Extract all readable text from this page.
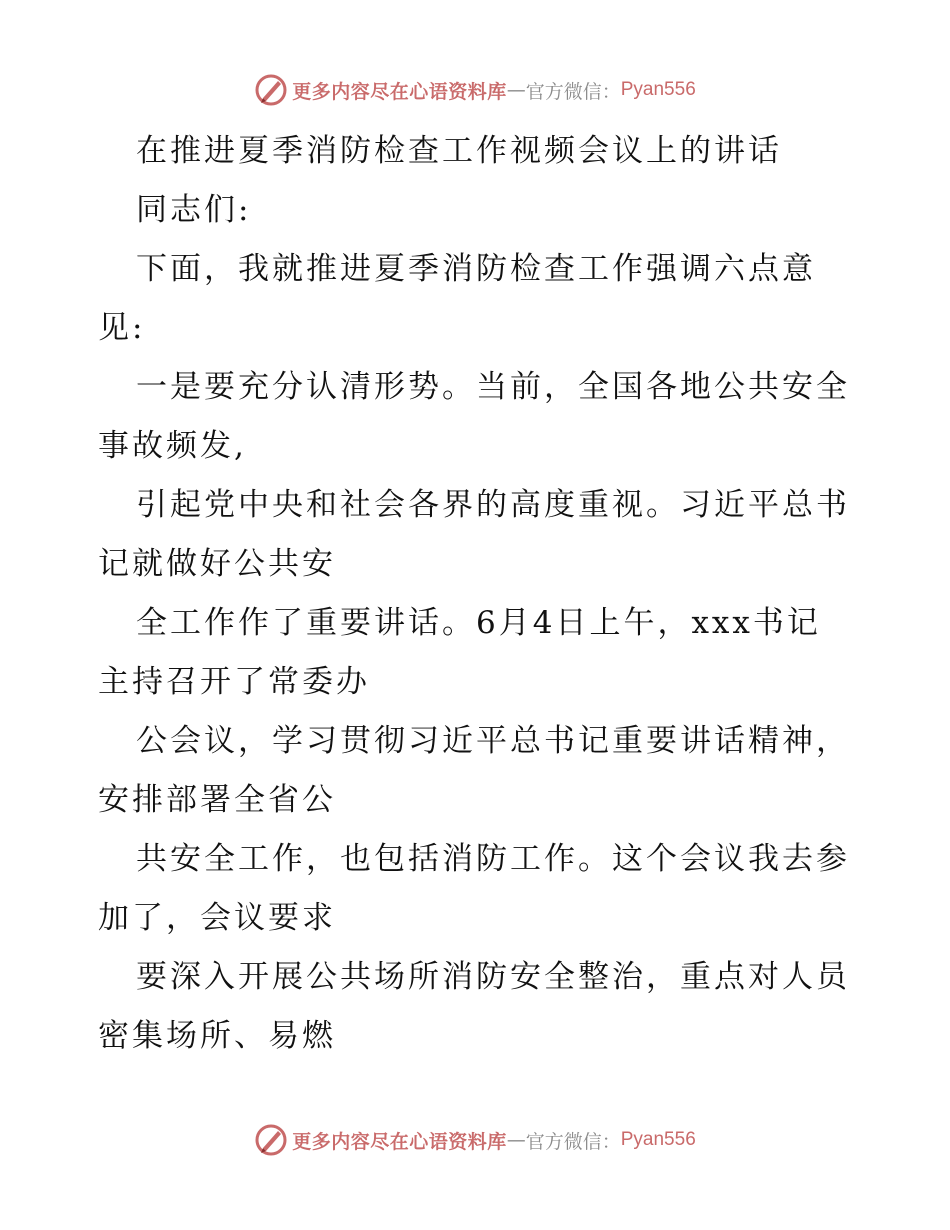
更多内容尽在心语资料库 — 官方微信： Pyan556
在推进夏季消防检查工作视频会议上的讲话
同志们:
下面，我就推进夏季消防检查工作强调六点意
见:
一是要充分认清形势。当前，全国各地公共安全
事故频发,
引起党中央和社会各界的高度重视。习近平总书
记就做好公共安
全工作作了重要讲话。6月4日上午，xxx书记
主持召开了常委办
公会议，学习贯彻习近平总书记重要讲话精神，
安排部署全省公
共安全工作，也包括消防工作。这个会议我去参
加了，会议要求
要深入开展公共场所消防安全整治，重点对人员
密集场所、易燃
更多内容尽在心语资料库 — 官方微信： Pyan556
